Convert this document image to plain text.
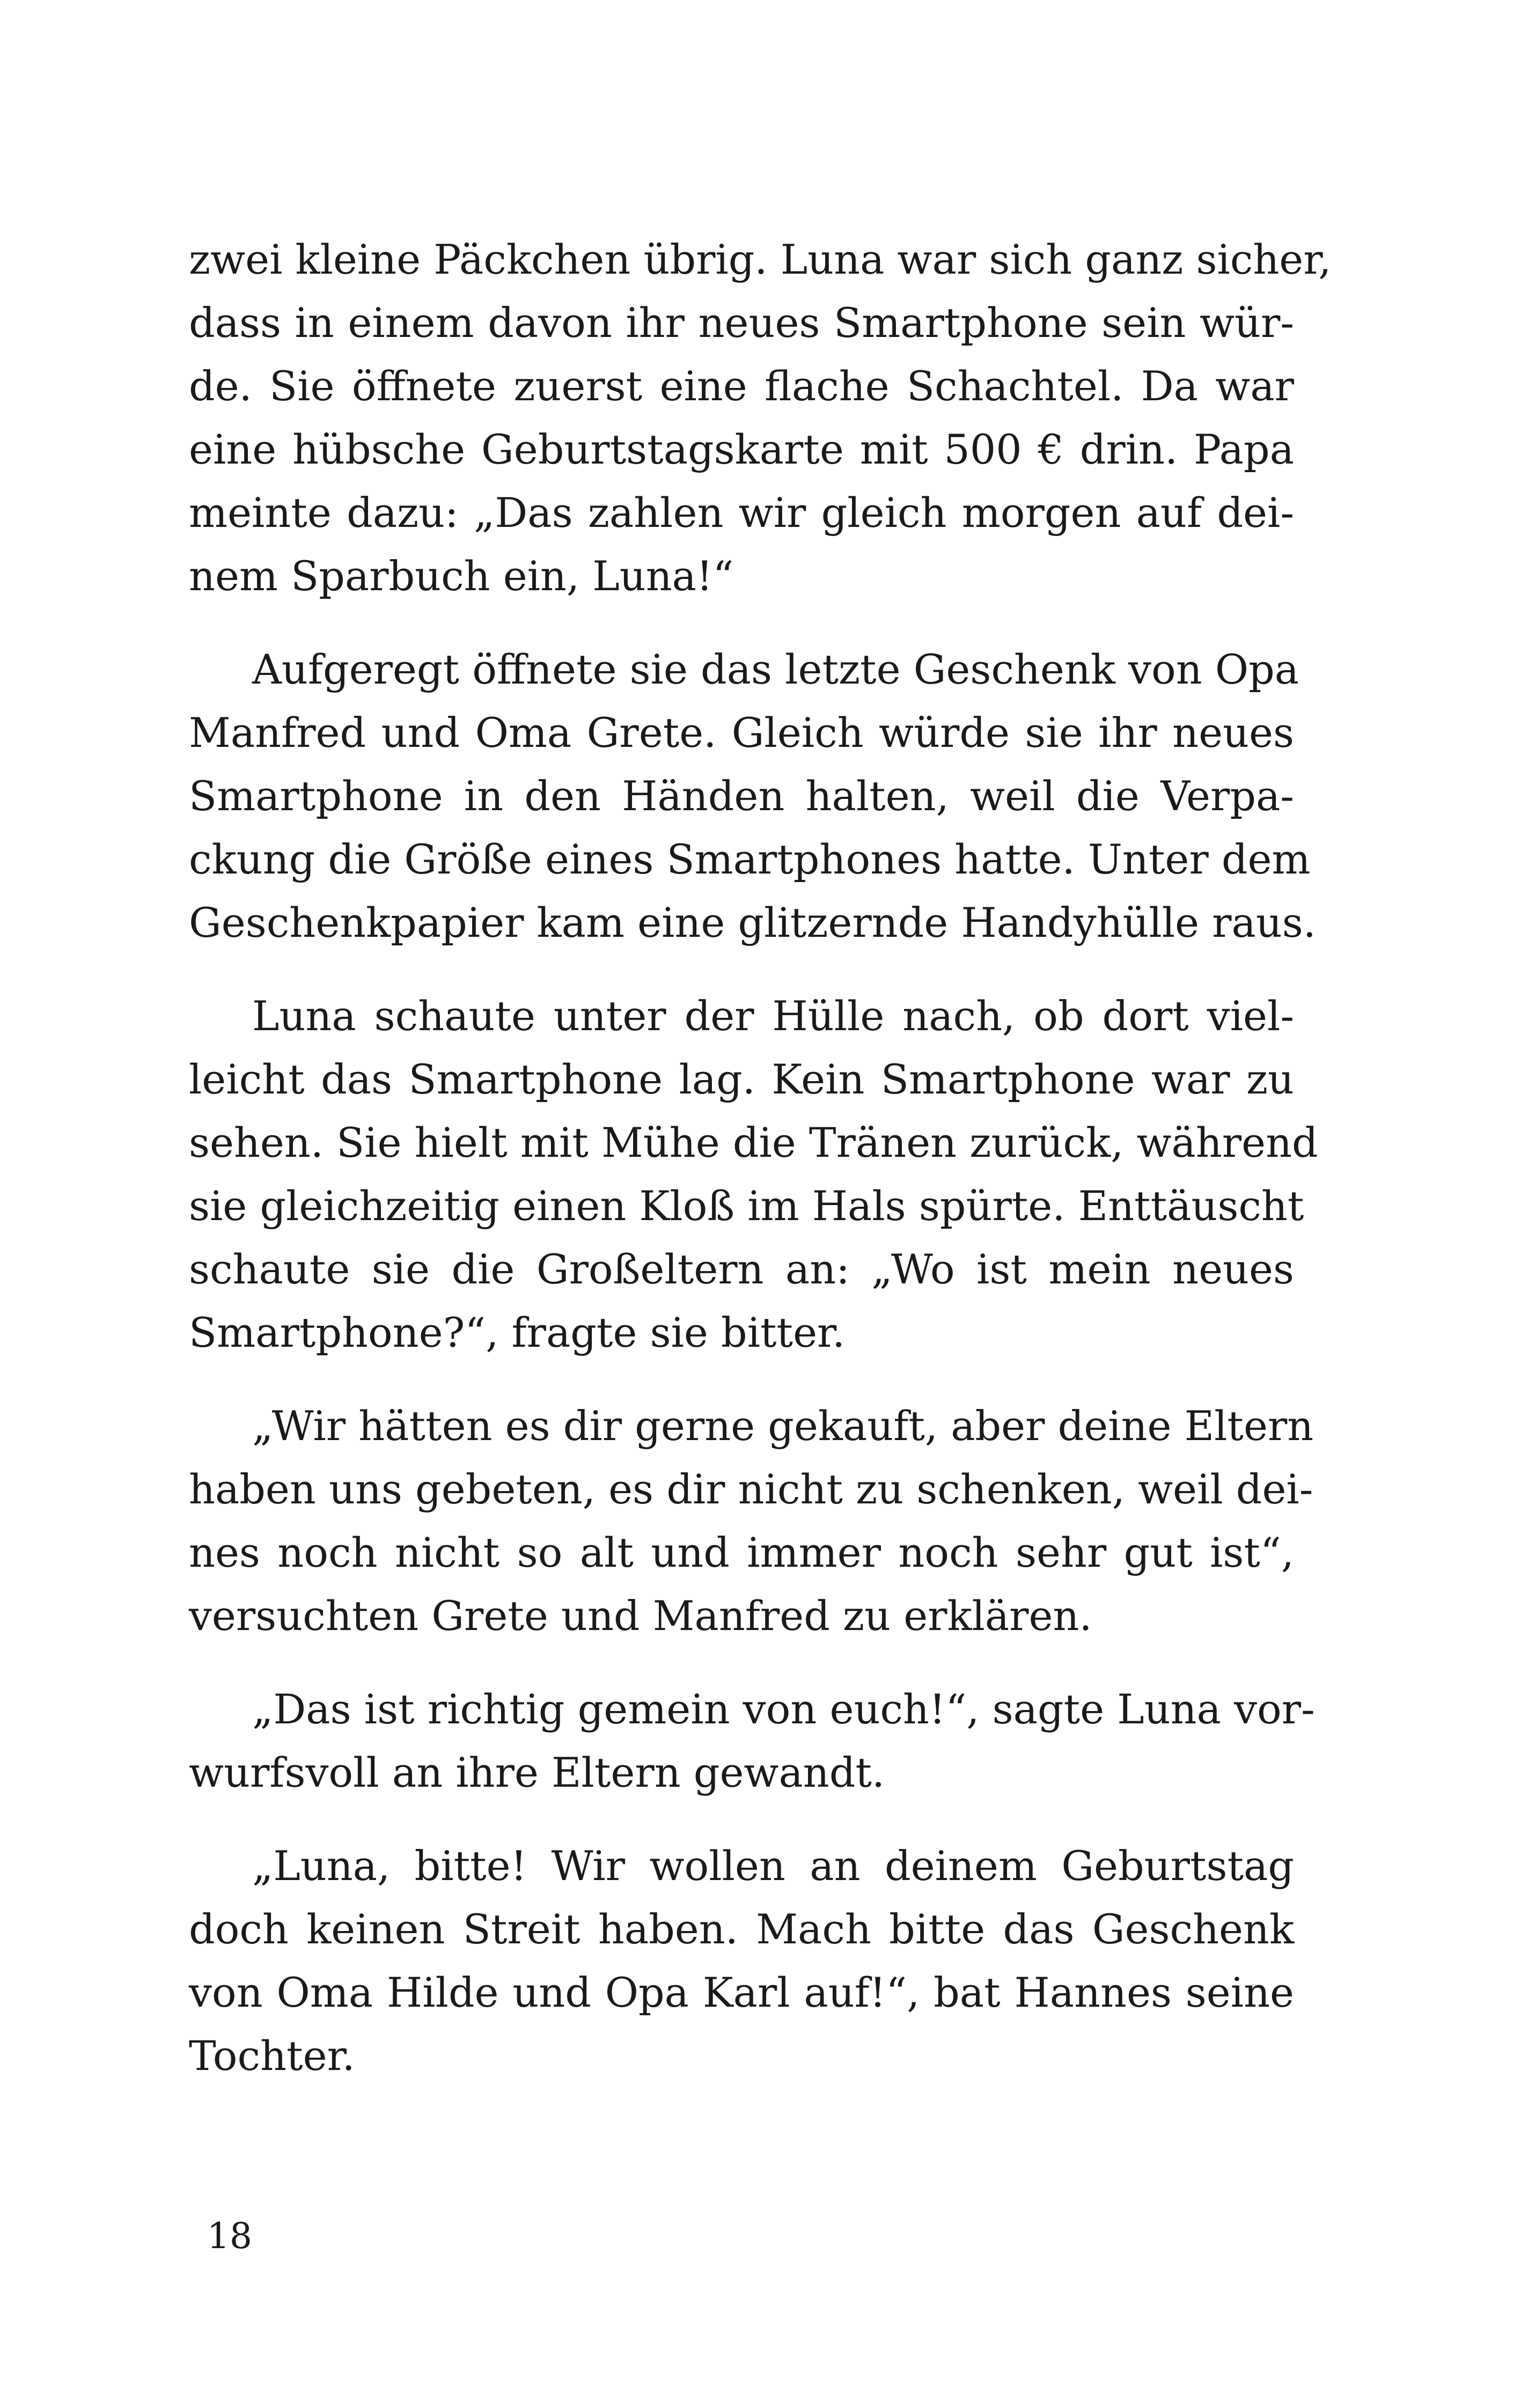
zwei kleine Päckchen übrig. Luna war sich ganz sicher,
dass in einem davon ihr neues Smartphone sein wür-
de. Sie öffnete zuerst eine flache Schachtel. Da war
eine hübsche Geburtstagskarte mit 500 € drin. Papa
meinte dazu: „Das zahlen wir gleich morgen auf dei-
nem Sparbuch ein, Luna!“
Aufgeregt öffnete sie das letzte Geschenk von Opa
Manfred und Oma Grete. Gleich würde sie ihr neues
Smartphone in den Händen halten, weil die Verpa-
ckung die Größe eines Smartphones hatte. Unter dem
Geschenkpapier kam eine glitzernde Handyhülle raus.
Luna schaute unter der Hülle nach, ob dort viel-
leicht das Smartphone lag. Kein Smartphone war zu
sehen. Sie hielt mit Mühe die Tränen zurück, während
sie gleichzeitig einen Kloß im Hals spürte. Enttäuscht
schaute sie die Großeltern an: „Wo ist mein neues
Smartphone?“, fragte sie bitter.
„Wir hätten es dir gerne gekauft, aber deine Eltern
haben uns gebeten, es dir nicht zu schenken, weil dei-
nes noch nicht so alt und immer noch sehr gut ist“,
versuchten Grete und Manfred zu erklären.
„Das ist richtig gemein von euch!“, sagte Luna vor-
wurfsvoll an ihre Eltern gewandt.
„Luna, bitte! Wir wollen an deinem Geburtstag
doch keinen Streit haben. Mach bitte das Geschenk
von Oma Hilde und Opa Karl auf!“, bat Hannes seine
Tochter.
18
